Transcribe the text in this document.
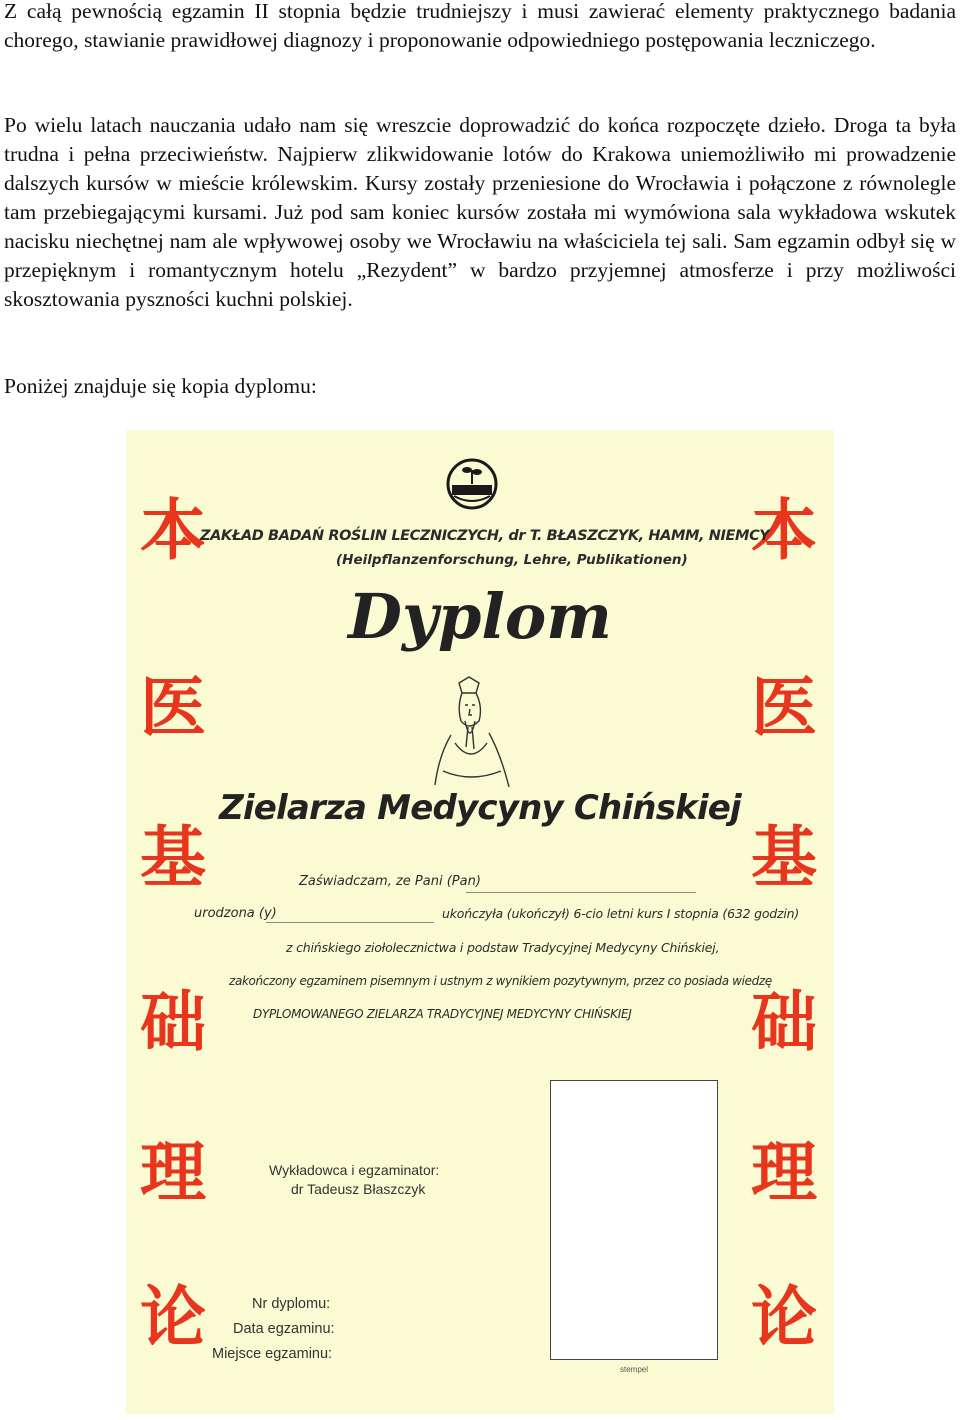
Z całą pewnością egzamin II stopnia będzie trudniejszy i musi zawierać elementy praktycznego badania chorego, stawianie prawidłowej diagnozy i proponowanie odpowiedniego postępowania leczniczego.

Po wielu latach nauczania udało nam się wreszcie doprowadzić do końca rozpoczęte dzieło. Droga ta była trudna i pełna przeciwieństw. Najpierw zlikwidowanie lotów do Krakowa uniemożliwiło mi prowadzenie dalszych kursów w mieście królewskim. Kursy zostały przeniesione do Wrocławia i połączone z równolegle tam przebiegającymi kursami. Już pod sam koniec kursów została mi wymówiona sala wykładowa wskutek nacisku niechętnej nam ale wpływowej osoby we Wrocławiu na właściciela tej sali. Sam egzamin odbył się w przepięknym i romantycznym hotelu „Rezydent” w bardzo przyjemnej atmosferze i przy możliwości skosztowania pyszności kuchni polskiej.

Poniżej znajduje się kopia dyplomu:

本
医
基
础
理
论
本
医
基
础
理
论
ZAKŁAD BADAŃ ROŚLIN LECZNICZYCH, dr T. BŁASZCZYK, HAMM, NIEMCY
(Heilpflanzenforschung, Lehre, Publikationen)
Dyplom
Zielarza Medycyny Chińskiej
Zaświadczam, ze Pani (Pan)
urodzona (y)	ukończyła (ukończył) 6-cio letni kurs I stopnia (632 godzin)
z chińskiego ziołolecznictwa i podstaw Tradycyjnej Medycyny Chińskiej,
zakończony egzaminem pisemnym i ustnym z wynikiem pozytywnym, przez co posiada wiedzę
DYPLOMOWANEGO ZIELARZA TRADYCYJNEJ MEDYCYNY CHIŃSKIEJ
Wykładowca i egzaminator:
dr Tadeusz Błaszczyk
Nr dyplomu:
Data egzaminu:
Miejsce egzaminu:
stempel
